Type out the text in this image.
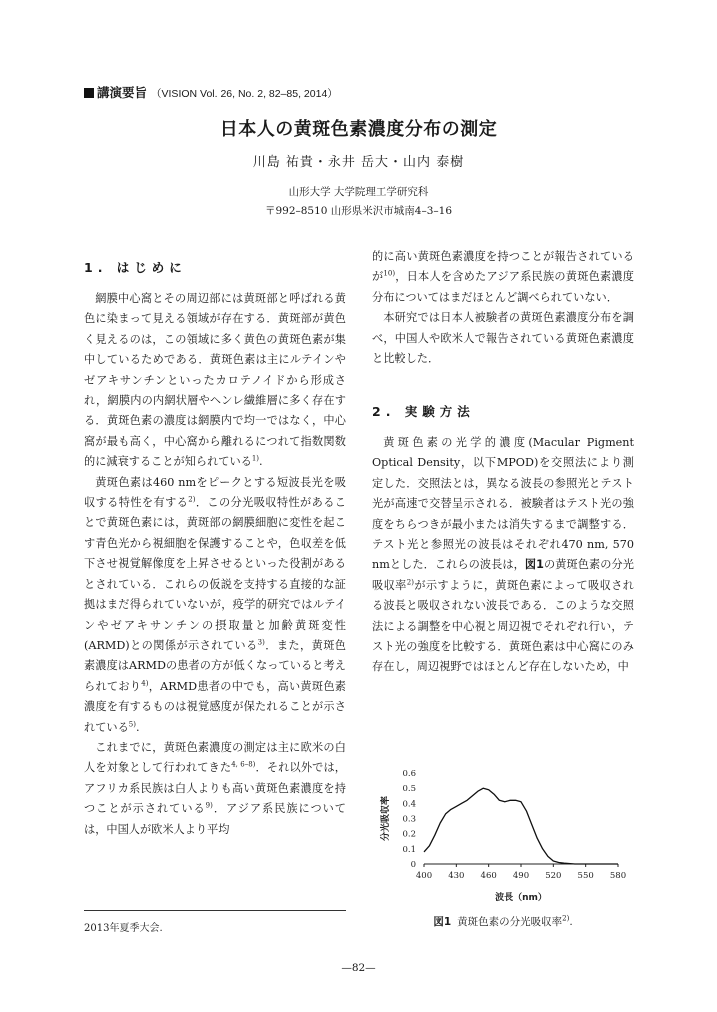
講演要旨 （VISION Vol. 26, No. 2, 82–85, 2014）
日本人の黄斑色素濃度分布の測定
川島 祐貴・永井 岳大・山内 泰樹
山形大学 大学院理工学研究科
〒992–8510 山形県米沢市城南4–3–16
1. はじめに

網膜中心窩とその周辺部には黄斑部と呼ばれる黄色に染まって見える領域が存在する．黄斑部が黄色く見えるのは，この領域に多く黄色の黄斑色素が集中しているためである．黄斑色素は主にルテインやゼアキサンチンといったカロテノイドから形成され，網膜内の内網状層やヘンレ繊維層に多く存在する．黄斑色素の濃度は網膜内で均一ではなく，中心窩が最も高く，中心窩から離れるにつれて指数関数的に減衰することが知られている$^{1)}$.

黄斑色素は460 nmをピークとする短波長光を吸収する特性を有する$^{2)}$．この分光吸収特性があることで黄斑色素には，黄斑部の網膜細胞に変性を起こす青色光から視細胞を保護することや，色収差を低下させ視覚解像度を上昇させるといった役割があるとされている．これらの仮説を支持する直接的な証拠はまだ得られていないが，疫学的研究ではルテインやゼアキサンチンの摂取量と加齢黄斑変性(ARMD)との関係が示されている$^{3)}$．また，黄斑色素濃度はARMDの患者の方が低くなっていると考えられており$^{4)}$，ARMD患者の中でも，高い黄斑色素濃度を有するものは視覚感度が保たれることが示されている$^{5)}$.

これまでに，黄斑色素濃度の測定は主に欧米の白人を対象として行われてきた$^{4, 6-8)}$．それ以外では，アフリカ系民族は白人よりも高い黄斑色素濃度を持つことが示されている$^{9)}$．アジア系民族については，中国人が欧米人より平均

的に高い黄斑色素濃度を持つことが報告されているが$^{10)}$，日本人を含めたアジア系民族の黄斑色素濃度分布についてはまだほとんど調べられていない．

本研究では日本人被験者の黄斑色素濃度分布を調べ，中国人や欧米人で報告されている黄斑色素濃度と比較した．

2. 実験方法

黄斑色素の光学的濃度(Macular Pigment Optical Density，以下MPOD)を交照法により測定した．交照法とは，異なる波長の参照光とテスト光が高速で交替呈示される．被験者はテスト光の強度をちらつきが最小または消失するまで調整する．テスト光と参照光の波長はそれぞれ470 nm, 570 nmとした．これらの波長は，図1の黄斑色素の分光吸収率$^{2)}$が示すように，黄斑色素によって吸収される波長と吸収されない波長である．このような交照法による調整を中心視と周辺視でそれぞれ行い，テスト光の強度を比較する．黄斑色素は中心窩にのみ存在し，周辺視野ではほとんど存在しないため，中

0
0.1
0.2
0.3
0.4
0.5
0.6
400 430 460 490 520 550 580
波長（nm）
分光吸収率
図1 黄斑色素の分光吸収率$^{2)}$.
2013年夏季大会.
—82—
